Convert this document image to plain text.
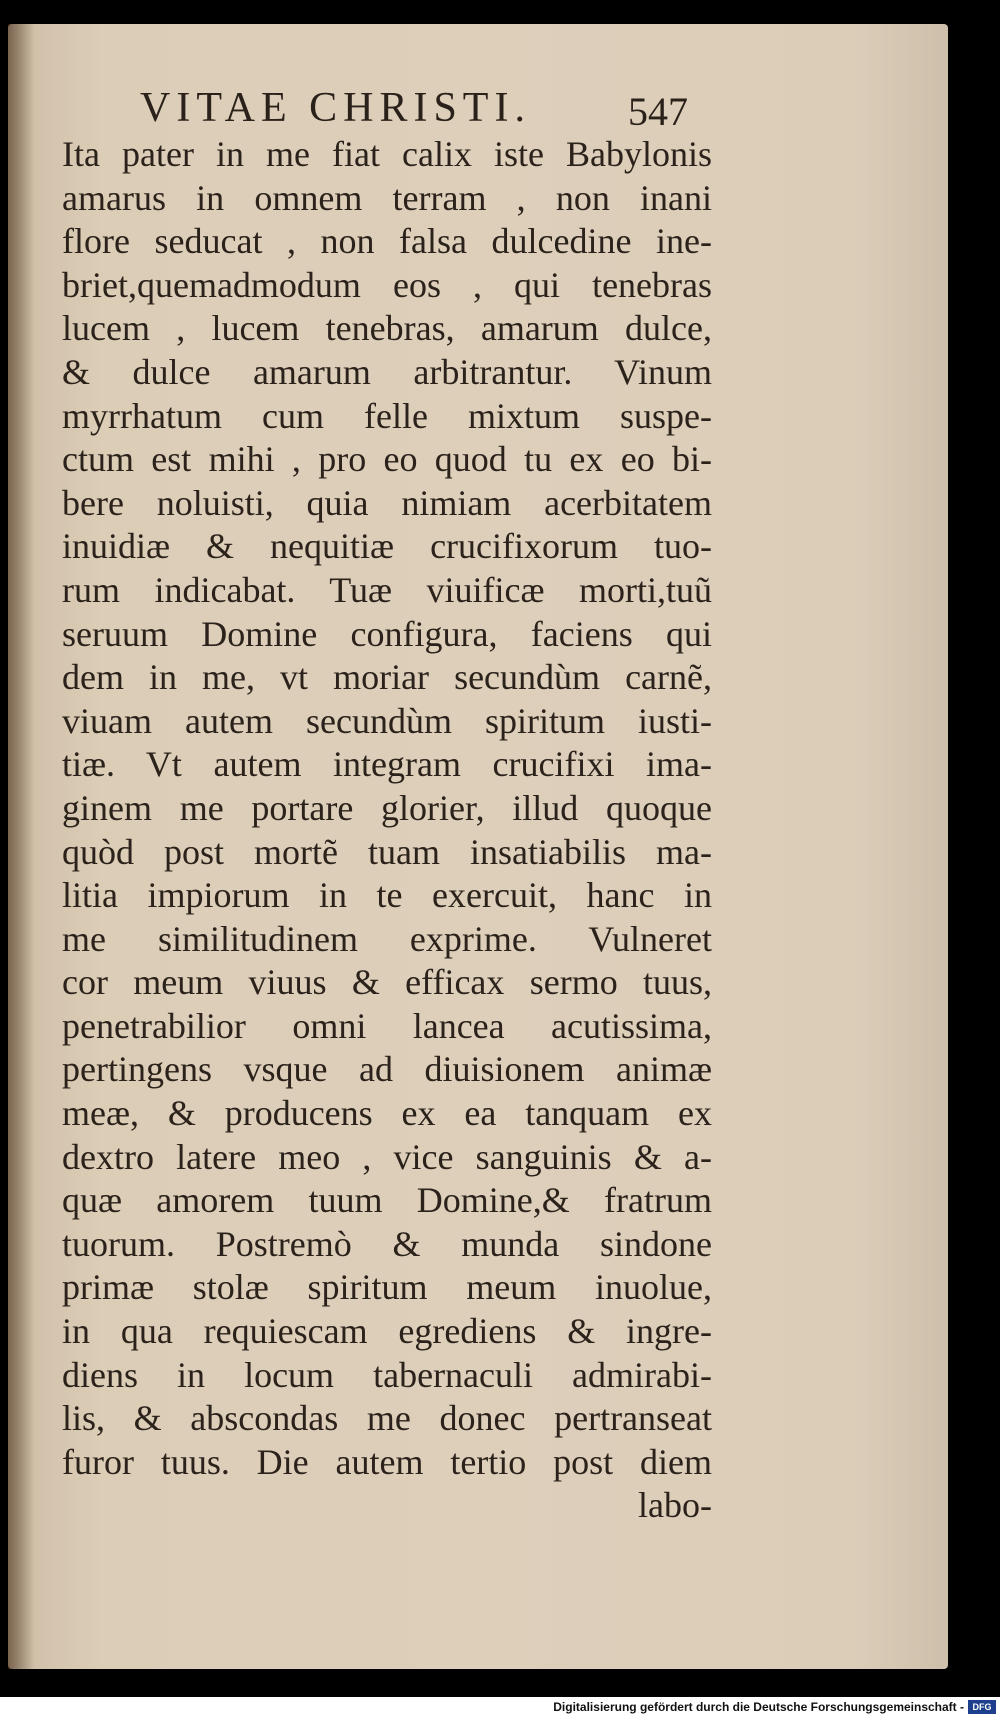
VITAE CHRISTI.	547
Ita pater in me fiat calix iste Babylonis
amarus in omnem terram , non inani
flore seducat , non falsa dulcedine ine-
briet,quemadmodum eos , qui tenebras
lucem , lucem tenebras, amarum dulce,
& dulce amarum arbitrantur. Vinum
myrrhatum cum felle mixtum suspe-
ctum est mihi , pro eo quod tu ex eo bi-
bere noluisti, quia nimiam acerbitatem
inuidiæ & nequitiæ crucifixorum tuo-
rum indicabat. Tuæ viuificæ morti,tuũ
seruum Domine configura, faciens qui
dem in me, vt moriar secundùm carnẽ,
viuam autem secundùm spiritum iusti-
tiæ. Vt autem integram crucifixi ima-
ginem me portare glorier, illud quoque
quòd post mortẽ tuam insatiabilis ma-
litia impiorum in te exercuit, hanc in
me similitudinem exprime. Vulneret
cor meum viuus & efficax sermo tuus,
penetrabilior omni lancea acutissima,
pertingens vsque ad diuisionem animæ
meæ, & producens ex ea tanquam ex
dextro latere meo , vice sanguinis & a-
quæ amorem tuum Domine,& fratrum
tuorum. Postremò & munda sindone
primæ stolæ spiritum meum inuolue,
in qua requiescam egrediens & ingre-
diens in locum tabernaculi admirabi-
lis, & abscondas me donec pertranseat
furor tuus. Die autem tertio post diem
labo-
Digitalisierung gefördert durch die Deutsche Forschungsgemeinschaft - DFG
